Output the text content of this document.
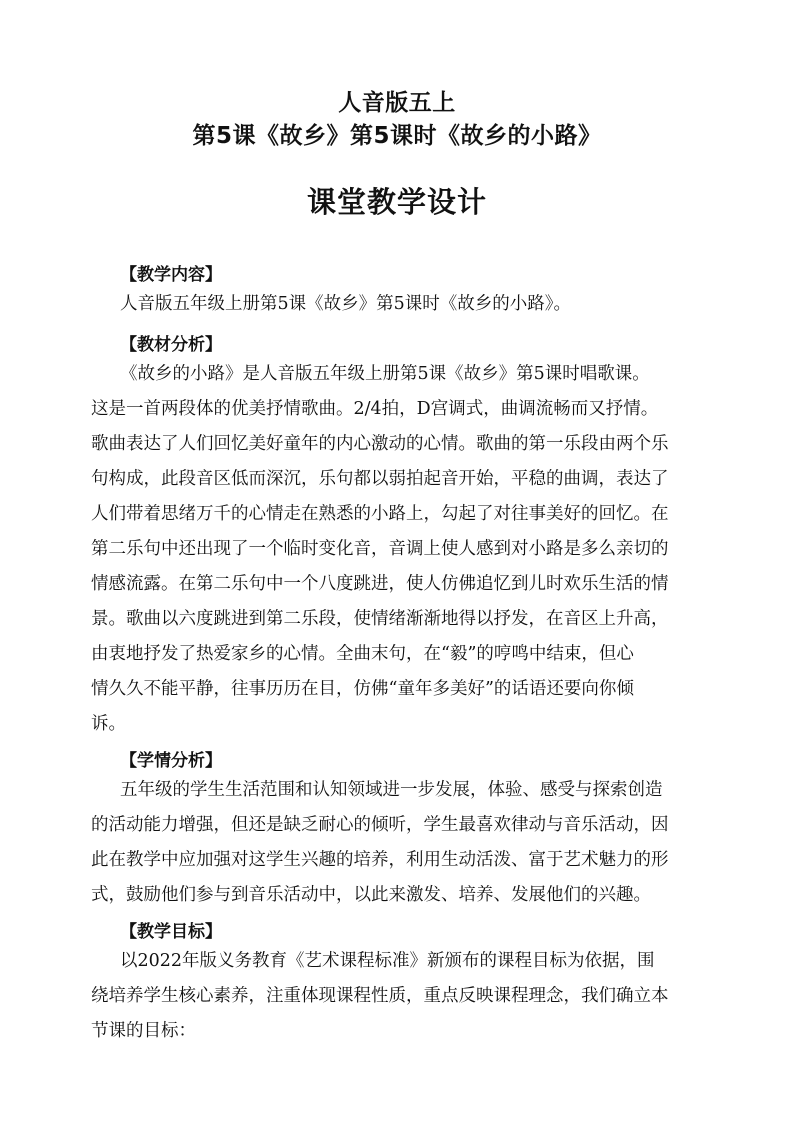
人音版五上
第5课《故乡》第5课时《故乡的小路》
课堂教学设计
【教学内容】
人音版五年级上册第5课《故乡》第5课时《故乡的小路》。
【教材分析】
《故乡的小路》是人音版五年级上册第5课《故乡》第5课时唱歌课。
这是一首两段体的优美抒情歌曲。2/4拍，D宫调式，曲调流畅而又抒情。
歌曲表达了人们回忆美好童年的内心激动的心情。歌曲的第一乐段由两个乐
句构成，此段音区低而深沉，乐句都以弱拍起音开始，平稳的曲调，表达了
人们带着思绪万千的心情走在熟悉的小路上，勾起了对往事美好的回忆。在
第二乐句中还出现了一个临时变化音，音调上使人感到对小路是多么亲切的
情感流露。在第二乐句中一个八度跳进，使人仿佛追忆到儿时欢乐生活的情
景。歌曲以六度跳进到第二乐段，使情绪渐渐地得以抒发，在音区上升高，
由衷地抒发了热爱家乡的心情。全曲末句，在“毅”的哼鸣中结束，但心
情久久不能平静，往事历历在目，仿佛“童年多美好”的话语还要向你倾
诉。
【学情分析】
五年级的学生生活范围和认知领域进一步发展，体验、感受与探索创造
的活动能力增强，但还是缺乏耐心的倾听，学生最喜欢律动与音乐活动，因
此在教学中应加强对这学生兴趣的培养，利用生动活泼、富于艺术魅力的形
式，鼓励他们参与到音乐活动中，以此来激发、培养、发展他们的兴趣。
【教学目标】
以2022年版义务教育《艺术课程标准》新颁布的课程目标为依据，围
绕培养学生核心素养，注重体现课程性质，重点反映课程理念，我们确立本
节课的目标：
